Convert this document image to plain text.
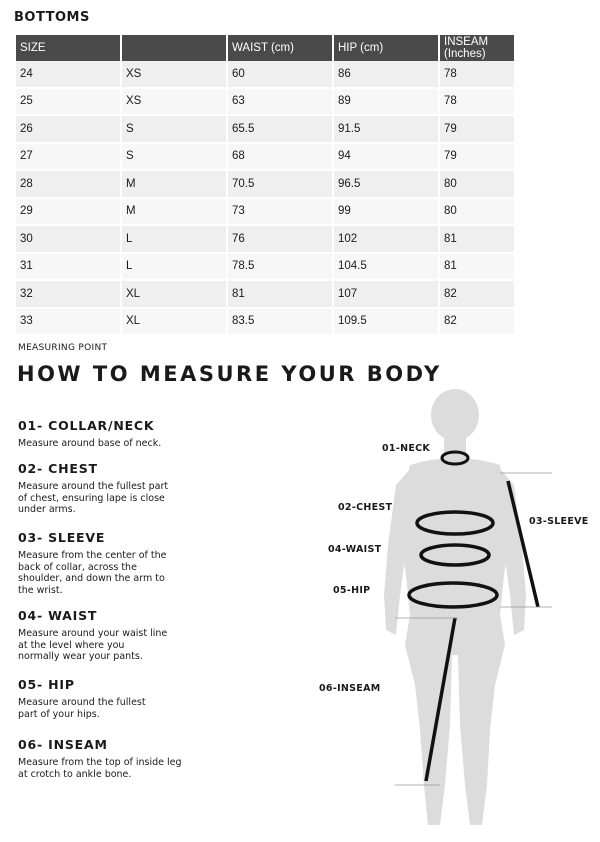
BOTTOMS
SIZE		WAIST (cm)	HIP (cm)	INSEAM (Inches)
24	XS	60	86	78
25	XS	63	89	78
26	S	65.5	91.5	79
27	S	68	94	79
28	M	70.5	96.5	80
29	M	73	99	80
30	L	76	102	81
31	L	78.5	104.5	81
32	XL	81	107	82
33	XL	83.5	109.5	82
MEASURING POINT
HOW TO MEASURE YOUR BODY
01- COLLAR/NECK

Measure around base of neck.

02- CHEST

Measure around the fullest part of chest, ensuring lape is close under arms.

03- SLEEVE

Measure from the center of the back of collar, across the shoulder, and down the arm to the wrist.

04- WAIST

Measure around your waist line at the level where you normally wear your pants.

05- HIP

Measure around the fullest part of your hips.

06- INSEAM

Measure from the top of inside leg at crotch to ankle bone.

01-NECK
02-CHEST
03-SLEEVE
04-WAIST
05-HIP
06-INSEAM
